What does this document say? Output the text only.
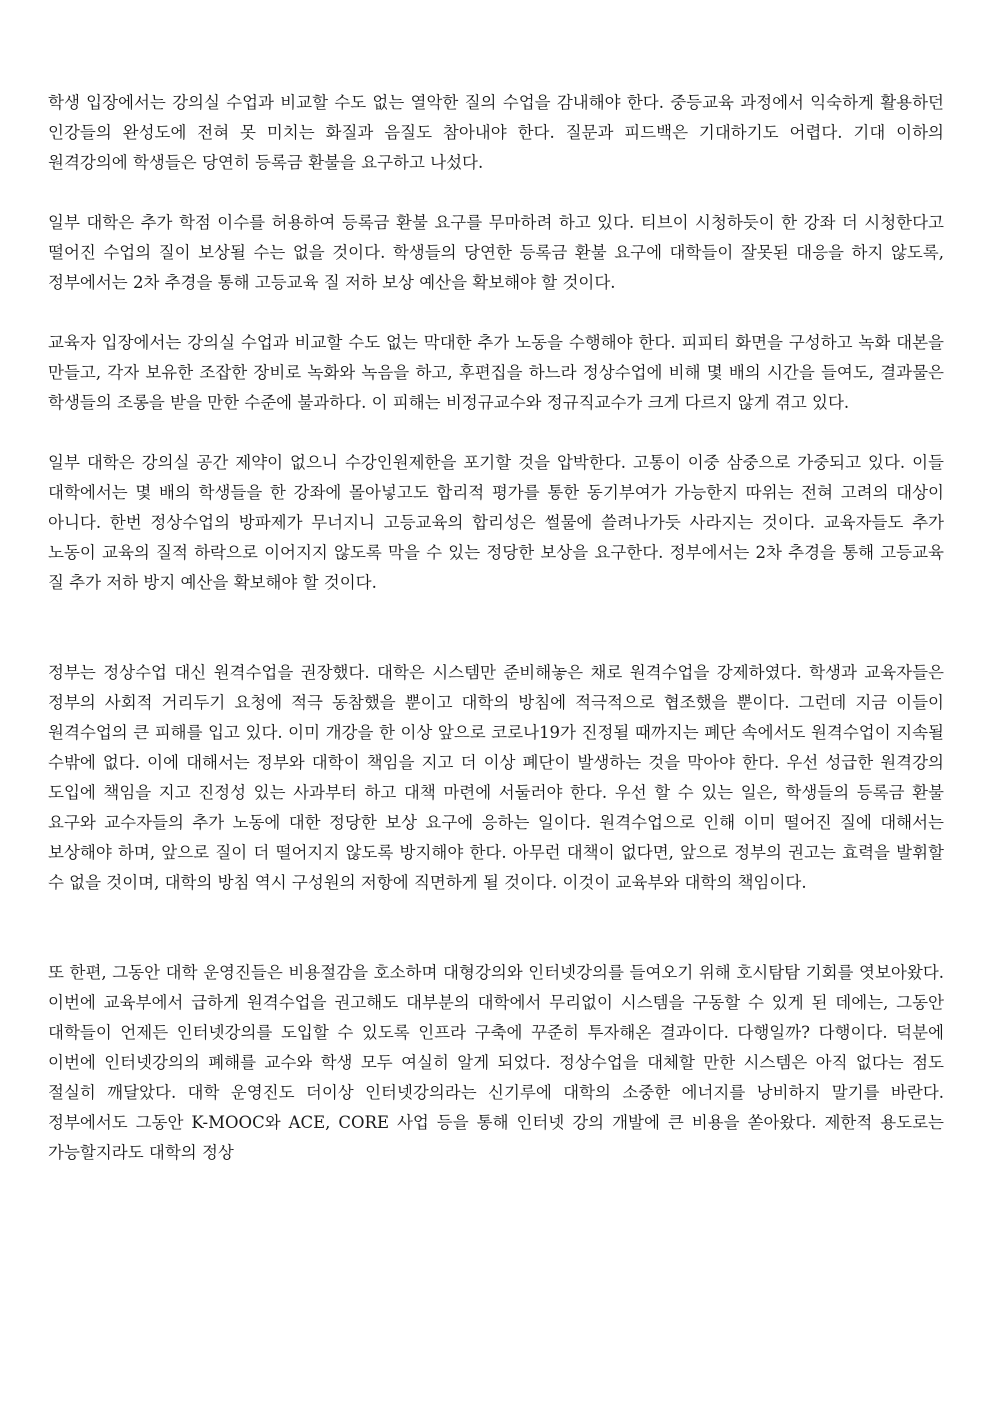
학생 입장에서는 강의실 수업과 비교할 수도 없는 열악한 질의 수업을 감내해야 한다. 중등교육 과정에서 익숙하게 활용하던 인강들의 완성도에 전혀 못 미치는 화질과 음질도 참아내야 한다. 질문과 피드백은 기대하기도 어렵다. 기대 이하의 원격강의에 학생들은 당연히 등록금 환불을 요구하고 나섰다.

일부 대학은 추가 학점 이수를 허용하여 등록금 환불 요구를 무마하려 하고 있다. 티브이 시청하듯이 한 강좌 더 시청한다고 떨어진 수업의 질이 보상될 수는 없을 것이다. 학생들의 당연한 등록금 환불 요구에 대학들이 잘못된 대응을 하지 않도록, 정부에서는 2차 추경을 통해 고등교육 질 저하 보상 예산을 확보해야 할 것이다.

교육자 입장에서는 강의실 수업과 비교할 수도 없는 막대한 추가 노동을 수행해야 한다. 피피티 화면을 구성하고 녹화 대본을 만들고, 각자 보유한 조잡한 장비로 녹화와 녹음을 하고, 후편집을 하느라 정상수업에 비해 몇 배의 시간을 들여도, 결과물은 학생들의 조롱을 받을 만한 수준에 불과하다. 이 피해는 비정규교수와 정규직교수가 크게 다르지 않게 겪고 있다.

일부 대학은 강의실 공간 제약이 없으니 수강인원제한을 포기할 것을 압박한다. 고통이 이중 삼중으로 가중되고 있다. 이들 대학에서는 몇 배의 학생들을 한 강좌에 몰아넣고도 합리적 평가를 통한 동기부여가 가능한지 따위는 전혀 고려의 대상이 아니다. 한번 정상수업의 방파제가 무너지니 고등교육의 합리성은 썰물에 쓸려나가듯 사라지는 것이다. 교육자들도 추가 노동이 교육의 질적 하락으로 이어지지 않도록 막을 수 있는 정당한 보상을 요구한다. 정부에서는 2차 추경을 통해 고등교육 질 추가 저하 방지 예산을 확보해야 할 것이다.

정부는 정상수업 대신 원격수업을 권장했다. 대학은 시스템만 준비해놓은 채로 원격수업을 강제하였다. 학생과 교육자들은 정부의 사회적 거리두기 요청에 적극 동참했을 뿐이고 대학의 방침에 적극적으로 협조했을 뿐이다. 그런데 지금 이들이 원격수업의 큰 피해를 입고 있다. 이미 개강을 한 이상 앞으로 코로나19가 진정될 때까지는 폐단 속에서도 원격수업이 지속될 수밖에 없다. 이에 대해서는 정부와 대학이 책임을 지고 더 이상 폐단이 발생하는 것을 막아야 한다. 우선 성급한 원격강의 도입에 책임을 지고 진정성 있는 사과부터 하고 대책 마련에 서둘러야 한다. 우선 할 수 있는 일은, 학생들의 등록금 환불 요구와 교수자들의 추가 노동에 대한 정당한 보상 요구에 응하는 일이다. 원격수업으로 인해 이미 떨어진 질에 대해서는 보상해야 하며, 앞으로 질이 더 떨어지지 않도록 방지해야 한다. 아무런 대책이 없다면, 앞으로 정부의 권고는 효력을 발휘할 수 없을 것이며, 대학의 방침 역시 구성원의 저항에 직면하게 될 것이다. 이것이 교육부와 대학의 책임이다.

또 한편, 그동안 대학 운영진들은 비용절감을 호소하며 대형강의와 인터넷강의를 들여오기 위해 호시탐탐 기회를 엿보아왔다. 이번에 교육부에서 급하게 원격수업을 권고해도 대부분의 대학에서 무리없이 시스템을 구동할 수 있게 된 데에는, 그동안 대학들이 언제든 인터넷강의를 도입할 수 있도록 인프라 구축에 꾸준히 투자해온 결과이다. 다행일까? 다행이다. 덕분에 이번에 인터넷강의의 폐해를 교수와 학생 모두 여실히 알게 되었다. 정상수업을 대체할 만한 시스템은 아직 없다는 점도 절실히 깨달았다. 대학 운영진도 더이상 인터넷강의라는 신기루에 대학의 소중한 에너지를 낭비하지 말기를 바란다. 정부에서도 그동안 K-MOOC와 ACE, CORE 사업 등을 통해 인터넷 강의 개발에 큰 비용을 쏟아왔다. 제한적 용도로는 가능할지라도 대학의 정상
